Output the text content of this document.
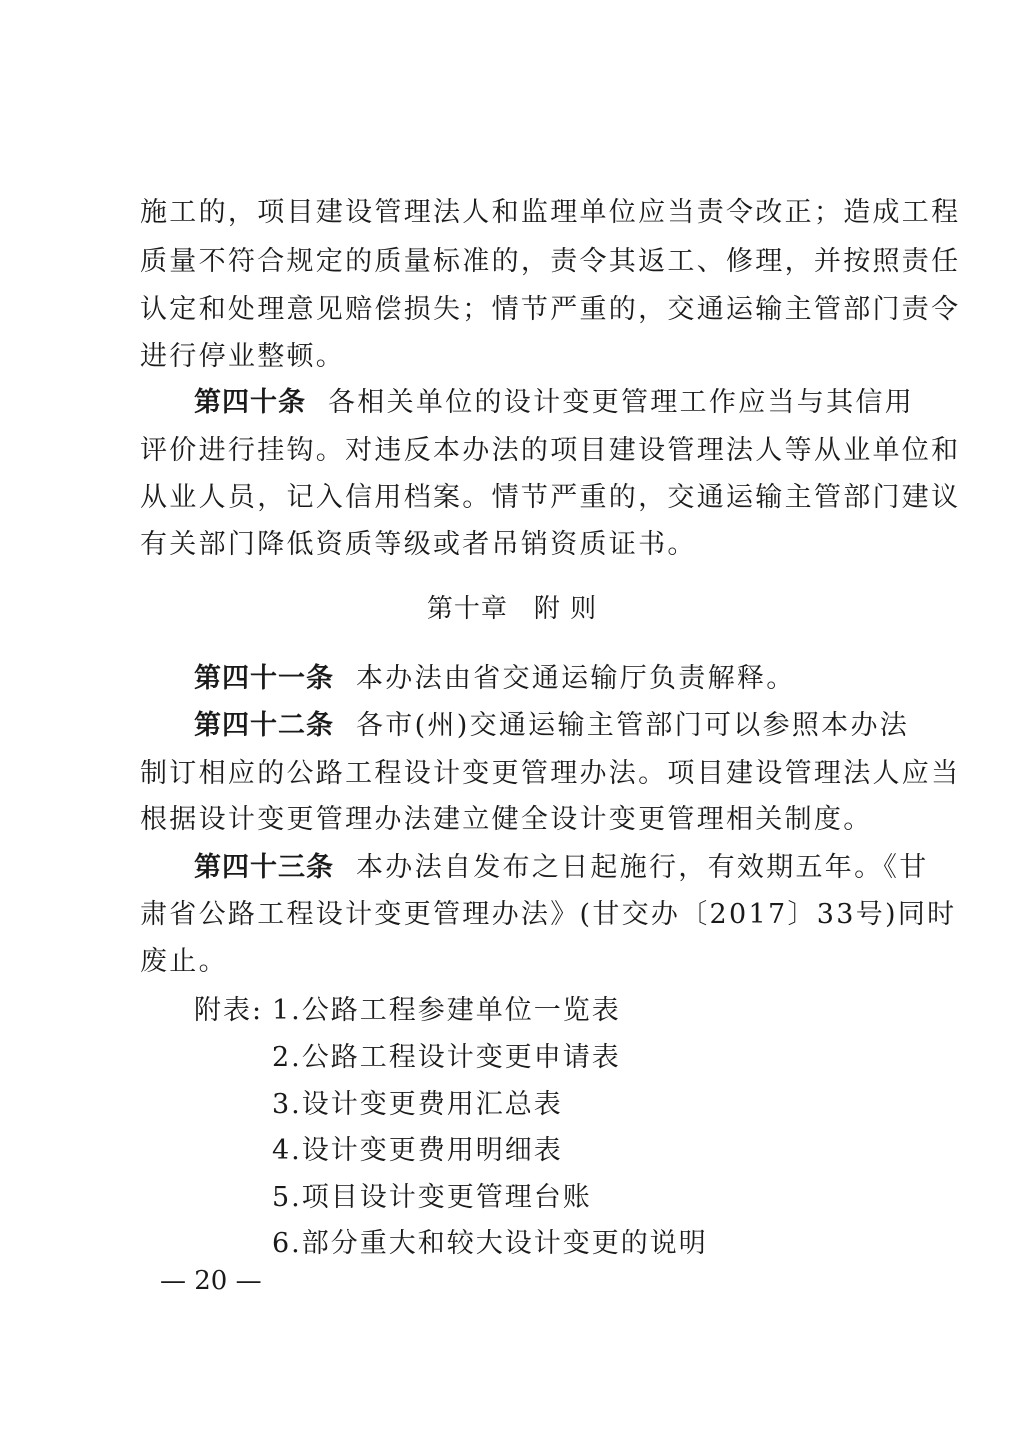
施工的，项目建设管理法人和监理单位应当责令改正；造成工程
质量不符合规定的质量标准的，责令其返工、修理，并按照责任
认定和处理意见赔偿损失；情节严重的，交通运输主管部门责令
进行停业整顿。
第四十条 各相关单位的设计变更管理工作应当与其信用
评价进行挂钩。对违反本办法的项目建设管理法人等从业单位和
从业人员，记入信用档案。情节严重的，交通运输主管部门建议
有关部门降低资质等级或者吊销资质证书。
第十章 附 则
第四十一条 本办法由省交通运输厅负责解释。
第四十二条 各市(州)交通运输主管部门可以参照本办法
制订相应的公路工程设计变更管理办法。项目建设管理法人应当
根据设计变更管理办法建立健全设计变更管理相关制度。
第四十三条 本办法自发布之日起施行，有效期五年。《甘
肃省公路工程设计变更管理办法》(甘交办〔2017〕33号)同时
废止。
附表: 1.公路工程参建单位一览表
2.公路工程设计变更申请表
3.设计变更费用汇总表
4.设计变更费用明细表
5.项目设计变更管理台账
6.部分重大和较大设计变更的说明
— 20 —
